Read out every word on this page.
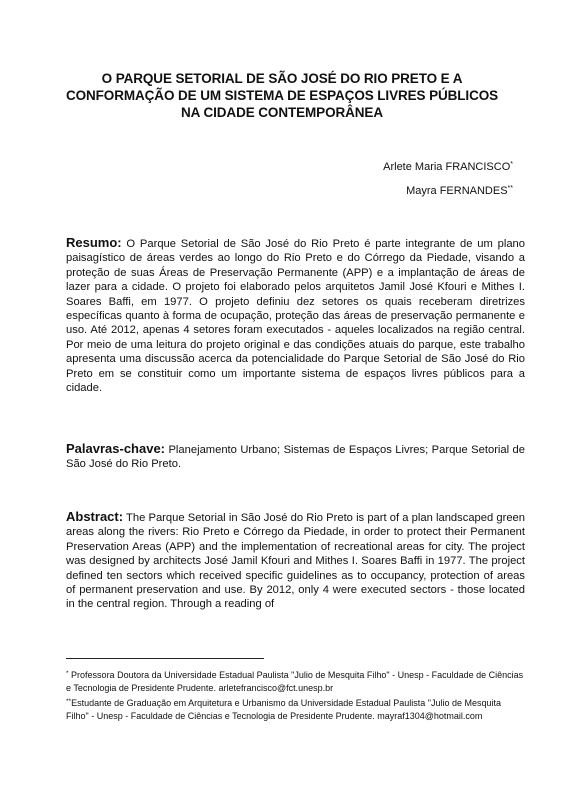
O PARQUE SETORIAL DE SÃO JOSÉ DO RIO PRETO E A CONFORMAÇÃO DE UM SISTEMA DE ESPAÇOS LIVRES PÚBLICOS NA CIDADE CONTEMPORÂNEA

Arlete Maria FRANCISCO*

Mayra FERNANDES**

Resumo: O Parque Setorial de São José do Rio Preto é parte integrante de um plano paisagístico de áreas verdes ao longo do Rio Preto e do Córrego da Piedade, visando a proteção de suas Áreas de Preservação Permanente (APP) e a implantação de áreas de lazer para a cidade. O projeto foi elaborado pelos arquitetos Jamil José Kfouri e Mithes I. Soares Baffi, em 1977. O projeto definiu dez setores os quais receberam diretrizes específicas quanto à forma de ocupação, proteção das áreas de preservação permanente e uso. Até 2012, apenas 4 setores foram executados - aqueles localizados na região central. Por meio de uma leitura do projeto original e das condições atuais do parque, este trabalho apresenta uma discussão acerca da potencialidade do Parque Setorial de São José do Rio Preto em se constituir como um importante sistema de espaços livres públicos para a cidade.

Palavras-chave: Planejamento Urbano; Sistemas de Espaços Livres; Parque Setorial de São José do Rio Preto.

Abstract: The Parque Setorial in São José do Rio Preto is part of a plan landscaped green areas along the rivers: Rio Preto e Córrego da Piedade, in order to protect their Permanent Preservation Areas (APP) and the implementation of recreational areas for city. The project was designed by architects José Jamil Kfouri and Mithes I. Soares Baffi in 1977. The project defined ten sectors which received specific guidelines as to occupancy, protection of areas of permanent preservation and use. By 2012, only 4 were executed sectors - those located in the central region. Through a reading of

* Professora Doutora da Universidade Estadual Paulista "Julio de Mesquita Filho" - Unesp - Faculdade de Ciências e Tecnologia de Presidente Prudente. arletefrancisco@fct.unesp.br

**Estudante de Graduação em Arquitetura e Urbanismo da Universidade Estadual Paulista "Julio de Mesquita Filho" - Unesp - Faculdade de Ciências e Tecnologia de Presidente Prudente. mayraf1304@hotmail.com
